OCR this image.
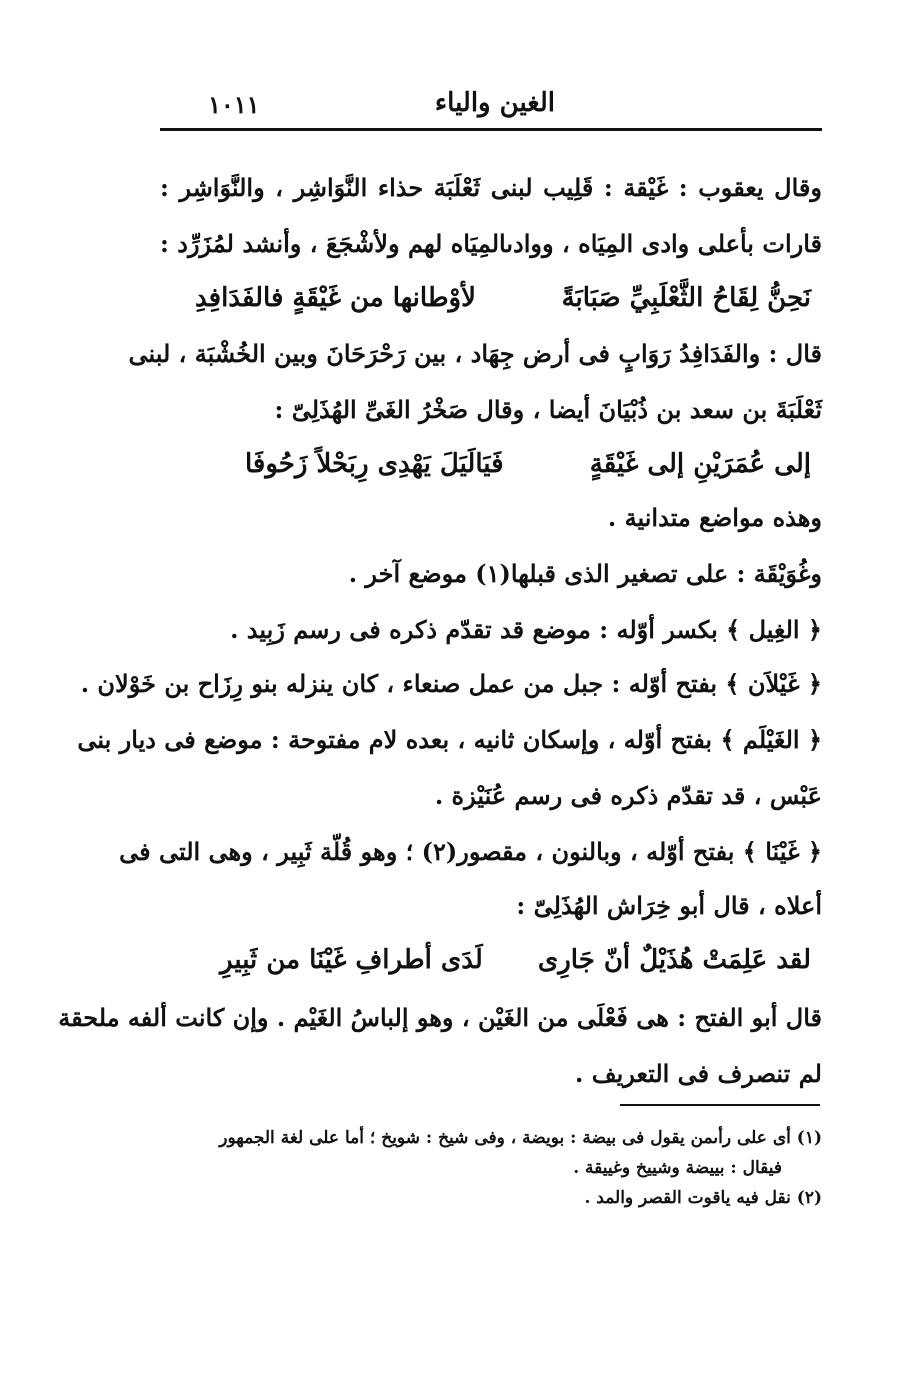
الغين والياء
١٠١١
وقال يعقوب : غَيْقة : قَلِيب لبنى ثَعْلَبَة حذاء النَّوَاشِر ، والنَّوَاشِر :
قارات بأعلى وادى المِيَاه ، ووادىالمِيَاه لهم ولأشْجَعَ ، وأنشد لمُزَرِّد :
نَحِنُّ لِقَاحُ الثَّعْلَبِيِّ صَبَابَةً
لأوْطانها من غَيْقَةٍ فالفَدَافِدِ
قال : والفَدَافِدُ رَوَابٍ فى أرض جِهَاد ، بين رَحْرَحَانَ وبين الخُشْبَة ، لبنى
ثَعْلَبَةَ بن سعد بن ذُبْيَانَ أيضا ، وقال صَخْرُ الغَىِّ الهُذَلِىّ :
إلى عُمَرَيْنِ إلى غَيْقَةٍ
فَيَالَيَلَ يَهْدِى رِبَحْلاً زَحُوفَا
وهذه مواضع متدانية .
وغُوَيْقَة : على تصغير الذى قبلها(١) موضع آخر .
﴿ الغِيل ﴾ بكسر أوّله : موضع قد تقدّم ذكره فى رسم زَبِيد .
﴿ غَيْلاَن ﴾ بفتح أوّله : جبل من عمل صنعاء ، كان ينزله بنو رِزَاح بن خَوْلان .
﴿ الغَيْلَم ﴾ بفتح أوّله ، وإسكان ثانيه ، بعده لام مفتوحة : موضع فى ديار بنى
عَبْس ، قد تقدّم ذكره فى رسم عُنَيْزة .
﴿ غَيْنَا ﴾ بفتح أوّله ، وبالنون ، مقصور(٢) ؛ وهو قُلّة ثَبِير ، وهى التى فى
أعلاه ، قال أبو خِرَاش الهُذَلِىّ :
لقد عَلِمَتْ هُذَيْلٌ أنّ جَارِى
لَدَى أطرافِ غَيْنَا من ثَبِيرِ
قال أبو الفتح : هى فَعْلَى من الغَيْن ، وهو إلباسُ الغَيْم . وإن كانت ألفه ملحقة
لم تنصرف فى التعريف .
(١) أى على رأىمن يقول فى بيضة : بويضة ، وفى شيخ : شويخ ؛ أما على لغة الجمهور
فيقال : بييضة وشييخ وغييقة .
(٢) نقل فيه ياقوت القصر والمد .
